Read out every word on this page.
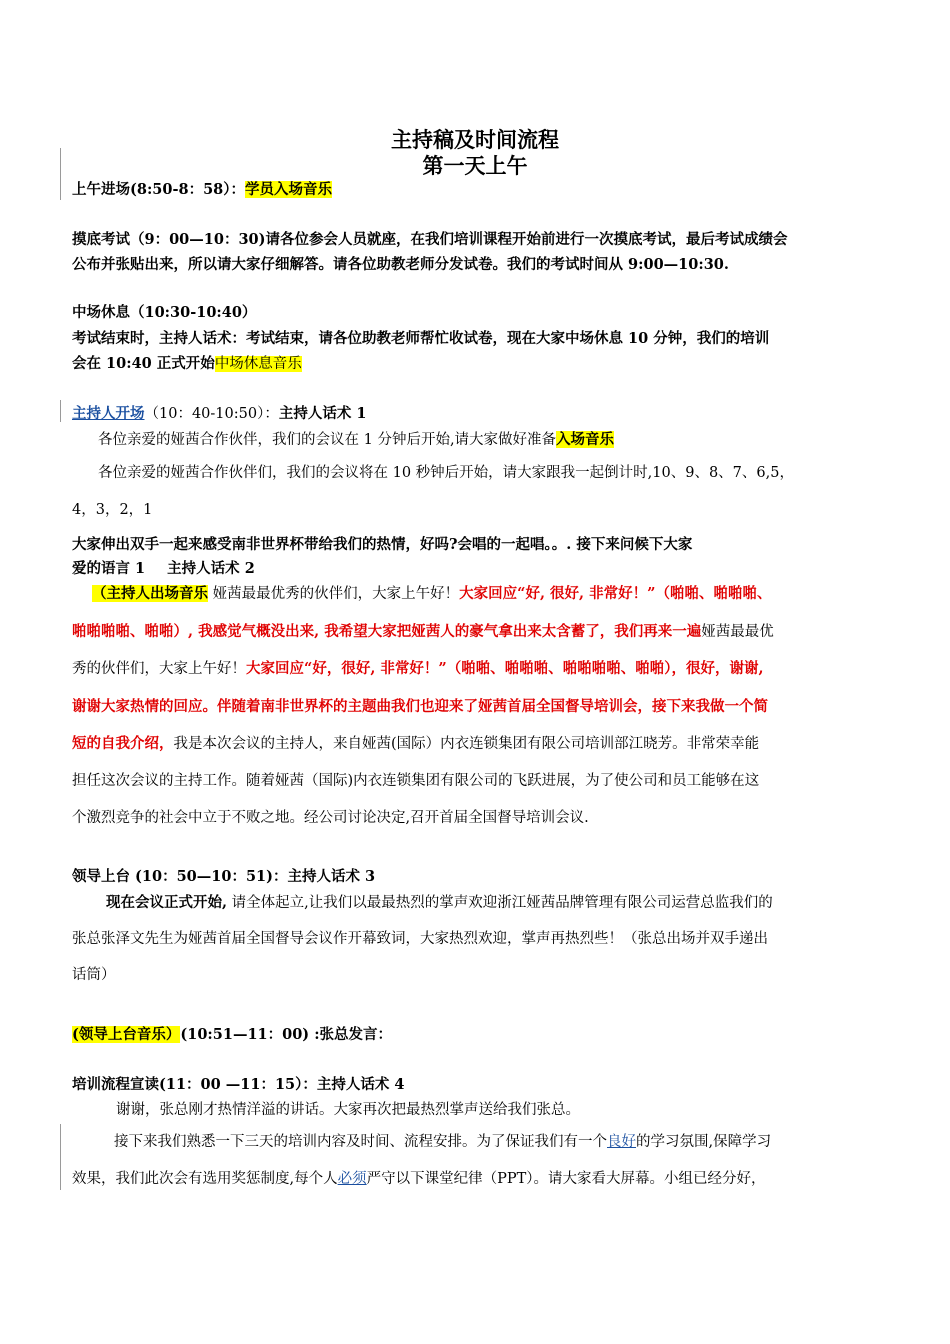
主持稿及时间流程
第一天上午
上午进场(8:50-8：58）：学员入场音乐
摸底考试（9：00—10：30)请各位参会人员就座，在我们培训课程开始前进行一次摸底考试，最后考试成绩会
公布并张贴出来，所以请大家仔细解答。请各位助教老师分发试卷。我们的考试时间从 9:00—10:30.
中场休息（10:30-10:40）
考试结束时，主持人话术：考试结束，请各位助教老师帮忙收试卷，现在大家中场休息 10 分钟，我们的培训
会在 10:40 正式开始中场休息音乐
主持人开场（10：40-10:50）：主持人话术 1
各位亲爱的娅茜合作伙伴，我们的会议在 1 分钟后开始,请大家做好准备入场音乐
各位亲爱的娅茜合作伙伴们，我们的会议将在 10 秒钟后开始，请大家跟我一起倒计时,10、9、8、7、6,5，
4，3，2，1
大家伸出双手一起来感受南非世界杯带给我们的热情，好吗?会唱的一起唱。。. 接下来问候下大家
爱的语言 1 主持人话术 2
（主持人出场音乐 娅茜最最优秀的伙伴们，大家上午好！大家回应“好, 很好, 非常好！”（啪啪、啪啪啪、
啪啪啪啪、啪啪）, 我感觉气概没出来, 我希望大家把娅茜人的豪气拿出来太含蓄了，我们再来一遍娅茜最最优
秀的伙伴们，大家上午好！大家回应“好，很好, 非常好！”（啪啪、啪啪啪、啪啪啪啪、啪啪），很好，谢谢,
谢谢大家热情的回应。伴随着南非世界杯的主题曲我们也迎来了娅茜首届全国督导培训会，接下来我做一个简
短的自我介绍，我是本次会议的主持人，来自娅茜(国际）内衣连锁集团有限公司培训部江晓芳。非常荣幸能
担任这次会议的主持工作。随着娅茜（国际)内衣连锁集团有限公司的飞跃进展，为了使公司和员工能够在这
个激烈竞争的社会中立于不败之地。经公司讨论决定,召开首届全国督导培训会议.
领导上台 (10：50—10：51)：主持人话术 3
现在会议正式开始, 请全体起立,让我们以最最热烈的掌声欢迎浙江娅茜品牌管理有限公司运营总监我们的
张总张泽文先生为娅茜首届全国督导会议作开幕致词，大家热烈欢迎，掌声再热烈些！（张总出场并双手递出
话筒）
(领导上台音乐）(10:51—11：00) :张总发言：
培训流程宣读(11：00 —11：15）：主持人话术 4
谢谢，张总刚才热情洋溢的讲话。大家再次把最热烈掌声送给我们张总。
接下来我们熟悉一下三天的培训内容及时间、流程安排。为了保证我们有一个良好的学习氛围,保障学习
效果，我们此次会有选用奖惩制度,每个人必须严守以下课堂纪律（PPT）。请大家看大屏幕。小组已经分好，
